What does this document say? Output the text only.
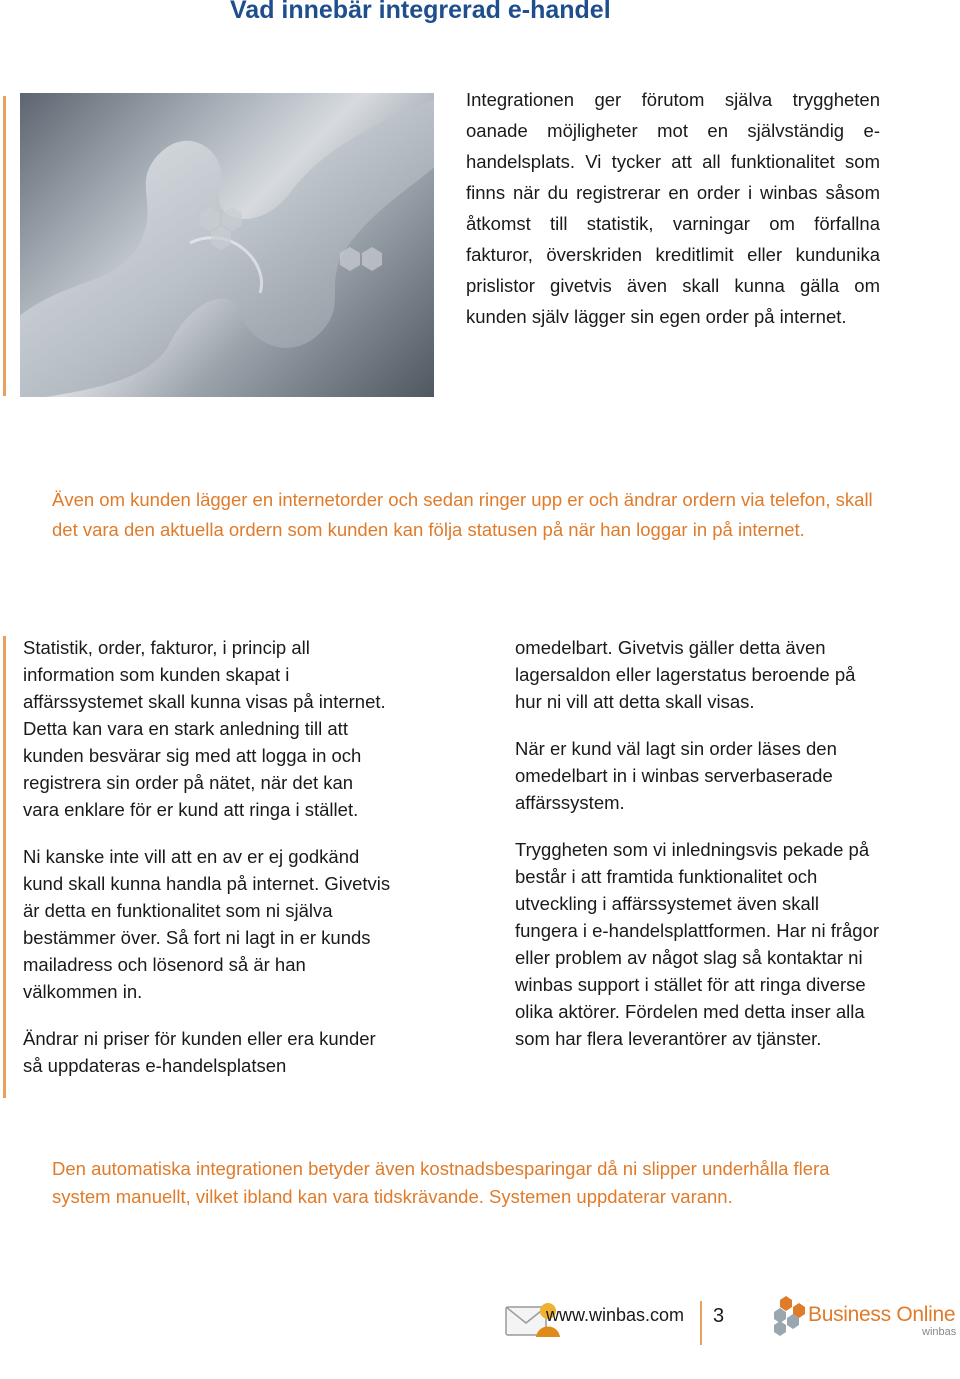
Vad innebär integrerad e-handel
Integrationen ger förutom själva tryggheten oanade möjligheter mot en självständig e-handelsplats. Vi tycker att all funktionalitet som finns när du registrerar en order i winbas såsom åtkomst till statistik, varningar om förfallna fakturor, överskriden kreditlimit eller kundunika prislistor givetvis även skall kunna gälla om kunden själv lägger sin egen order på internet.
Även om kunden lägger en internetorder och sedan ringer upp er och ändrar ordern via telefon, skall det vara den aktuella ordern som kunden kan följa statusen på när han loggar in på internet.

Statistik, order, fakturor, i princip all information som kunden skapat i affärssystemet skall kunna visas på internet. Detta kan vara en stark anledning till att kunden besvärar sig med att logga in och registrera sin order på nätet, när det kan vara enklare för er kund att ringa i stället.

Ni kanske inte vill att en av er ej godkänd kund skall kunna handla på internet. Givetvis är detta en funktionalitet som ni själva bestämmer över. Så fort ni lagt in er kunds mailadress och lösenord så är han välkommen in.

Ändrar ni priser för kunden eller era kunder så uppdateras e-handelsplatsen

omedelbart. Givetvis gäller detta även lagersaldon eller lagerstatus beroende på hur ni vill att detta skall visas.

När er kund väl lagt sin order läses den omedelbart in i winbas serverbaserade affärssystem.

Tryggheten som vi inledningsvis pekade på består i att framtida funktionalitet och utveckling i affärssystemet även skall fungera i e-handelsplattformen. Har ni frågor eller problem av något slag så kontaktar ni winbas support i stället för att ringa diverse olika aktörer. Fördelen med detta inser alla som har flera leverantörer av tjänster.

Den automatiska integrationen betyder även kostnadsbesparingar då ni slipper underhålla flera system manuellt, vilket ibland kan vara tidskrävande. Systemen uppdaterar varann.
www.winbas.com 3	Business Online
winbas
